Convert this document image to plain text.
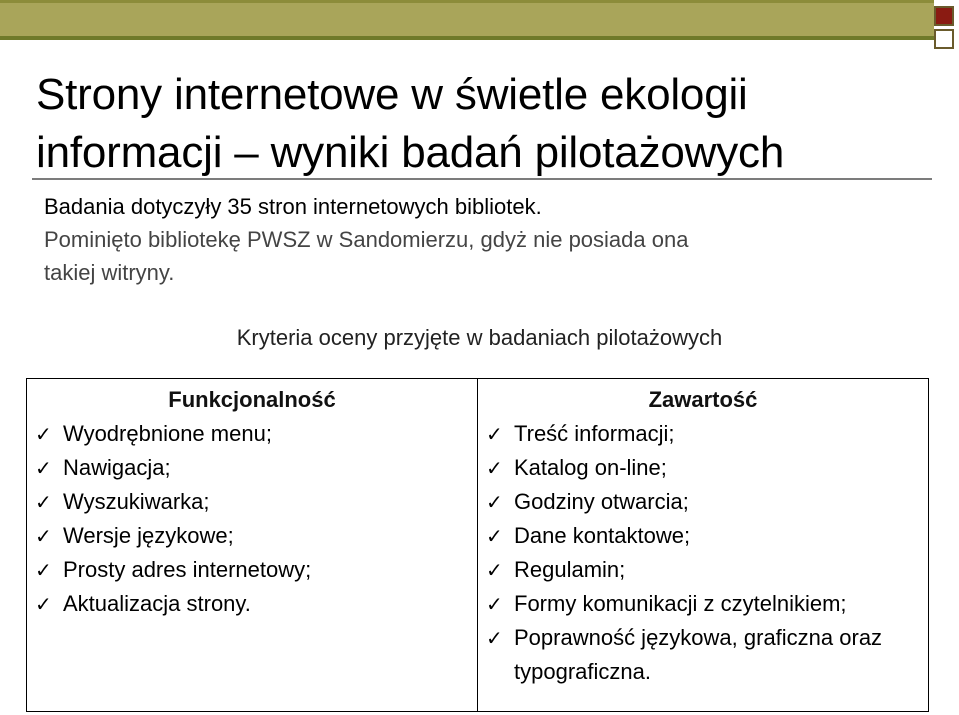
Strony internetowe w świetle ekologii informacji – wyniki badań pilotażowych
Badania dotyczyły 35 stron internetowych bibliotek.
Pominięto bibliotekę PWSZ w Sandomierzu, gdyż nie posiada ona
takiej witryny.
Kryteria oceny przyjęte w badaniach pilotażowych
Funkcjonalność
✓ Wyodrębnione menu;
✓ Nawigacja;
✓ Wyszukiwarka;
✓ Wersje językowe;
✓ Prosty adres internetowy;
✓ Aktualizacja strony.
Zawartość
✓ Treść informacji;
✓ Katalog on-line;
✓ Godziny otwarcia;
✓ Dane kontaktowe;
✓ Regulamin;
✓ Formy komunikacji z czytelnikiem;
✓ Poprawność językowa, graficzna oraz typograficzna.
